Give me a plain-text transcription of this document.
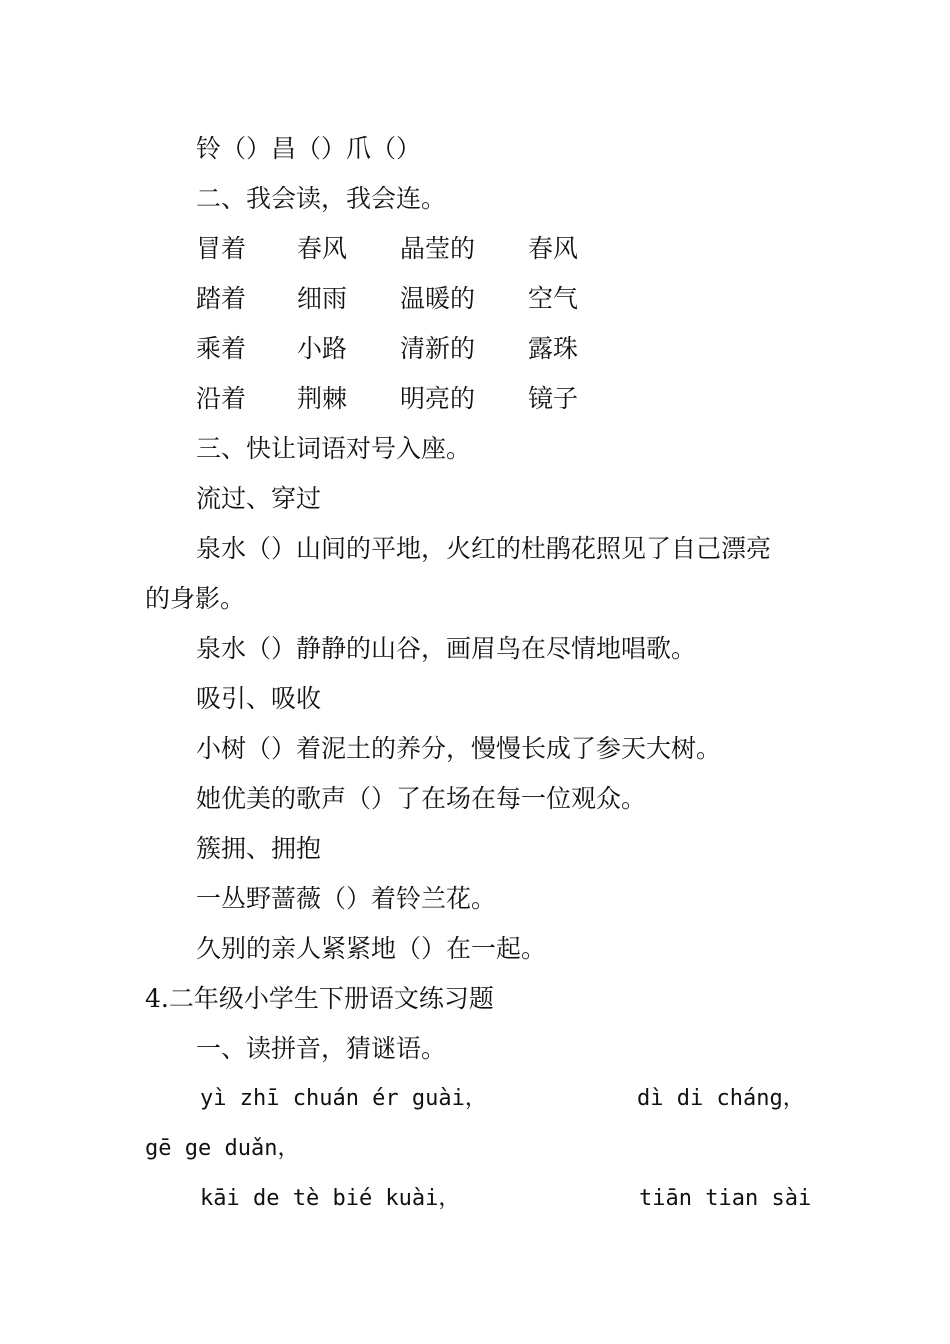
铃（）昌（）爪（）
二、我会读，我会连。
冒着 春风 晶莹的 春风
踏着 细雨 温暖的 空气
乘着 小路 清新的 露珠
沿着 荆棘 明亮的 镜子
三、快让词语对号入座。
流过、穿过
泉水（）山间的平地，火红的杜鹃花照见了自己漂亮
的身影。
泉水（）静静的山谷，画眉鸟在尽情地唱歌。
吸引、吸收
小树（）着泥土的养分，慢慢长成了参天大树。
她优美的歌声（）了在场在每一位观众。
簇拥、拥抱
一丛野蔷薇（）着铃兰花。
久别的亲人紧紧地（）在一起。
4.二年级小学生下册语文练习题
一、读拼音，猜谜语。
yì zhī chuán ér guài，	dì di cháng，
gē ge duǎn，
kāi de tè bié kuài，	tiān tian sài
